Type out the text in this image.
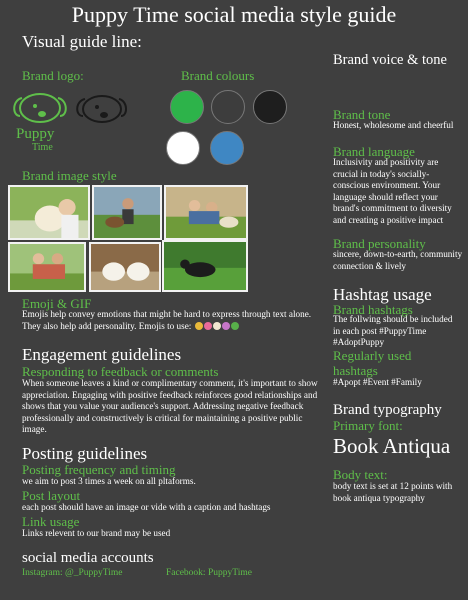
Puppy Time social media style guide
Visual guide line:
Brand logo:
Puppy
Time
Brand colours
Brand image style
Emoji & GIF
Emojis help convey emotions that might be hard to express through text alone. They also help add personality. Emojis to use:
Engagement guidelines
Responding to feedback or comments
When someone leaves a kind or complimentary comment, it's important to show appreciation. Engaging with positive feedback reinforces good relationships and shows that you value your audience's support. Addressing negative feedback professionally and constructively is critical for maintaining a positive public image.
Posting guidelines
Posting frequency and timing
we aim to post 3 times a week on all pltaforms.
Post layout
each post should have an image or vide with a caption and hashtags
Link usage
Links relevent to our brand may be used
social media accounts
Instagram: @_PuppyTime	Facebook: PuppyTime
Brand voice & tone
Brand tone
Honest, wholesome and cheerful
Brand language
Inclusivity and positivity are crucial in today's socially-conscious environment. Your language should reflect your brand's commitment to diversity and creating a positive impact
Brand personality
sincere, down-to-earth, community connection & lively
Hashtag usage
Brand hashtags
The follwing should be included in each post #PuppyTime #AdoptPuppy
Regularly used hashtags
#Apopt #Event #Family
Brand typography
Primary font:
Book Antiqua
Body text:
body text is set at 12 points with book antiqua typography
